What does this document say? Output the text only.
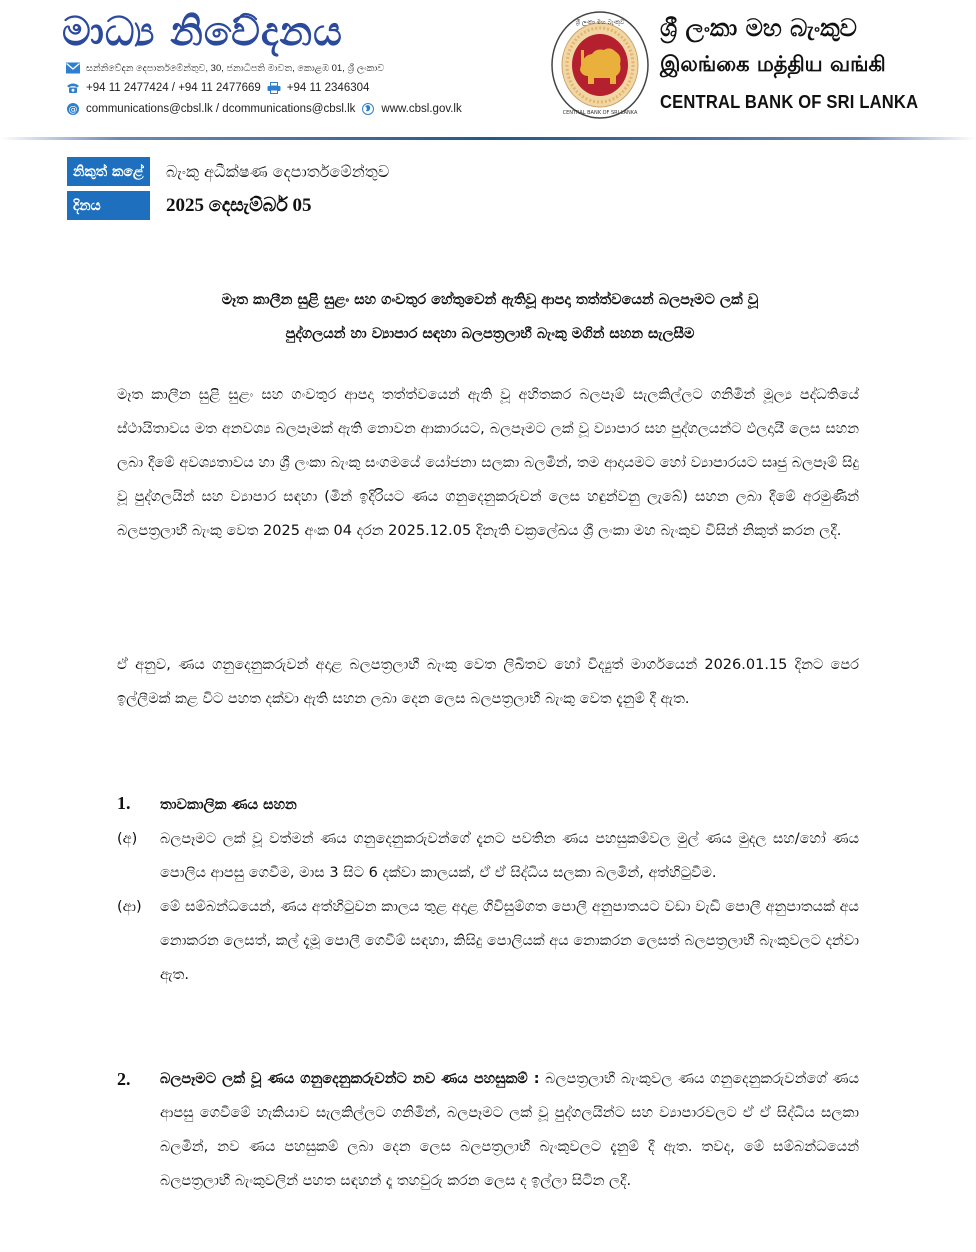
මාධ්‍ය නිවේදනය
සන්නිවේදන දෙපාර්තමේන්තුව, 30, ජනාධිපති මාවත, කොළඹ 01, ශ්‍රී ලංකාව
+94 11 2477424 / +94 11 2477669 +94 11 2346304
@ communications@cbsl.lk / dcommunications@cbsl.lk www.cbsl.gov.lk
ශ්‍රී ලංකා මහ බැංකුව
CENTRAL BANK OF SRI LANKA
ශ්‍රී ලංකා මහ බැංකුව
இலங்கை மத்திய வங்கி
CENTRAL BANK OF SRI LANKA
නිකුත් කළේ	බැංකු අධීක්ෂණ දෙපාර්තමේන්තුව
දිනය	2025 දෙසැම්බර් 05
මෑත කාලීන සුළි සුළං සහ ගංවතුර හේතුවෙන් ඇතිවූ ආපදා තත්ත්වයෙන් බලපෑමට ලක් වූ
පුද්ගලයන් හා ව්‍යාපාර සඳහා බලපත්‍රලාභී බැංකු මගින් සහන සැලසීම
මෑත කාලීන සුළි සුළං සහ ගංවතුර ආපදා තත්ත්වයෙන් ඇති වූ අහිතකර බලපෑම් සැලකිල්ලට ගනිමින් මූල්‍ය පද්ධතියේ ස්ථායිතාවය මත අනවශ්‍ය බලපෑමක් ඇති නොවන ආකාරයට, බලපෑමට ලක් වූ ව්‍යාපාර සහ පුද්ගලයන්ට ඵලදායී ලෙස සහන ලබා දීමේ අවශ්‍යතාවය හා ශ්‍රී ලංකා බැංකු සංගමයේ යෝජනා සලකා බලමින්, තම ආදායමට හෝ ව්‍යාපාරයට සෘජු බලපෑම් සිදු වූ පුද්ගලයින් සහ ව්‍යාපාර සඳහා (මින් ඉදිරියට ණය ගනුදෙනුකරුවන් ලෙස හඳුන්වනු ලැබේ) සහන ලබා දීමේ අරමුණින් බලපත්‍රලාභී බැංකු වෙත 2025 අංක 04 දරන 2025.12.05 දිනැති චක්‍රලේඛය ශ්‍රී ලංකා මහ බැංකුව විසින් නිකුත් කරන ලදී.
ඒ අනුව, ණය ගනුදෙනුකරුවන් අදාළ බලපත්‍රලාභී බැංකු වෙත ලිඛිතව හෝ විද්‍යුත් මාර්ගයෙන් 2026.01.15 දිනට පෙර ඉල්ලීමක් කළ විට පහත දක්වා ඇති සහන ලබා දෙන ලෙස බලපත්‍රලාභී බැංකු වෙත දැනුම් දී ඇත.
1.	තාවකාලික ණය සහන
(අ)	බලපෑමට ලක් වූ වත්මන් ණය ගනුදෙනුකරුවන්ගේ දැනට පවතින ණය පහසුකම්වල මුල් ණය මුදල සහ/හෝ ණය පොලිය ආපසු ගෙවීම, මාස 3 සිට 6 දක්වා කාලයක්, ඒ ඒ සිද්ධිය සලකා බලමින්, අත්හිටුවීම.
(ආ)	මේ සම්බන්ධයෙන්, ණය අත්හිටුවන කාලය තුළ අදාළ ගිවිසුම්ගත පොලී අනුපාතයට වඩා වැඩි පොලී අනුපාතයක් අය නොකරන ලෙසත්, කල් දැමූ පොලී ගෙවීම් සඳහා, කිසිදු පොලියක් අය නොකරන ලෙසත් බලපත්‍රලාභී බැංකුවලට දන්වා ඇත.
2.	බලපෑමට ලක් වූ ණය ගනුදෙනුකරුවන්ට නව ණය පහසුකම් : බලපත්‍රලාභී බැංකුවල ණය ගනුදෙනුකරුවන්ගේ ණය ආපසු ගෙවීමේ හැකියාව සැලකිල්ලට ගනිමින්, බලපෑමට ලක් වූ පුද්ගලයින්ට සහ ව්‍යාපාරවලට ඒ ඒ සිද්ධිය සලකා බලමින්, නව ණය පහසුකම් ලබා දෙන ලෙස බලපත්‍රලාභී බැංකුවලට දැනුම් දී ඇත. තවද, මේ සම්බන්ධයෙන් බලපත්‍රලාභී බැංකුවලින් පහත සඳහන් දෑ තහවුරු කරන ලෙස ද ඉල්ලා සිටින ලදී.
